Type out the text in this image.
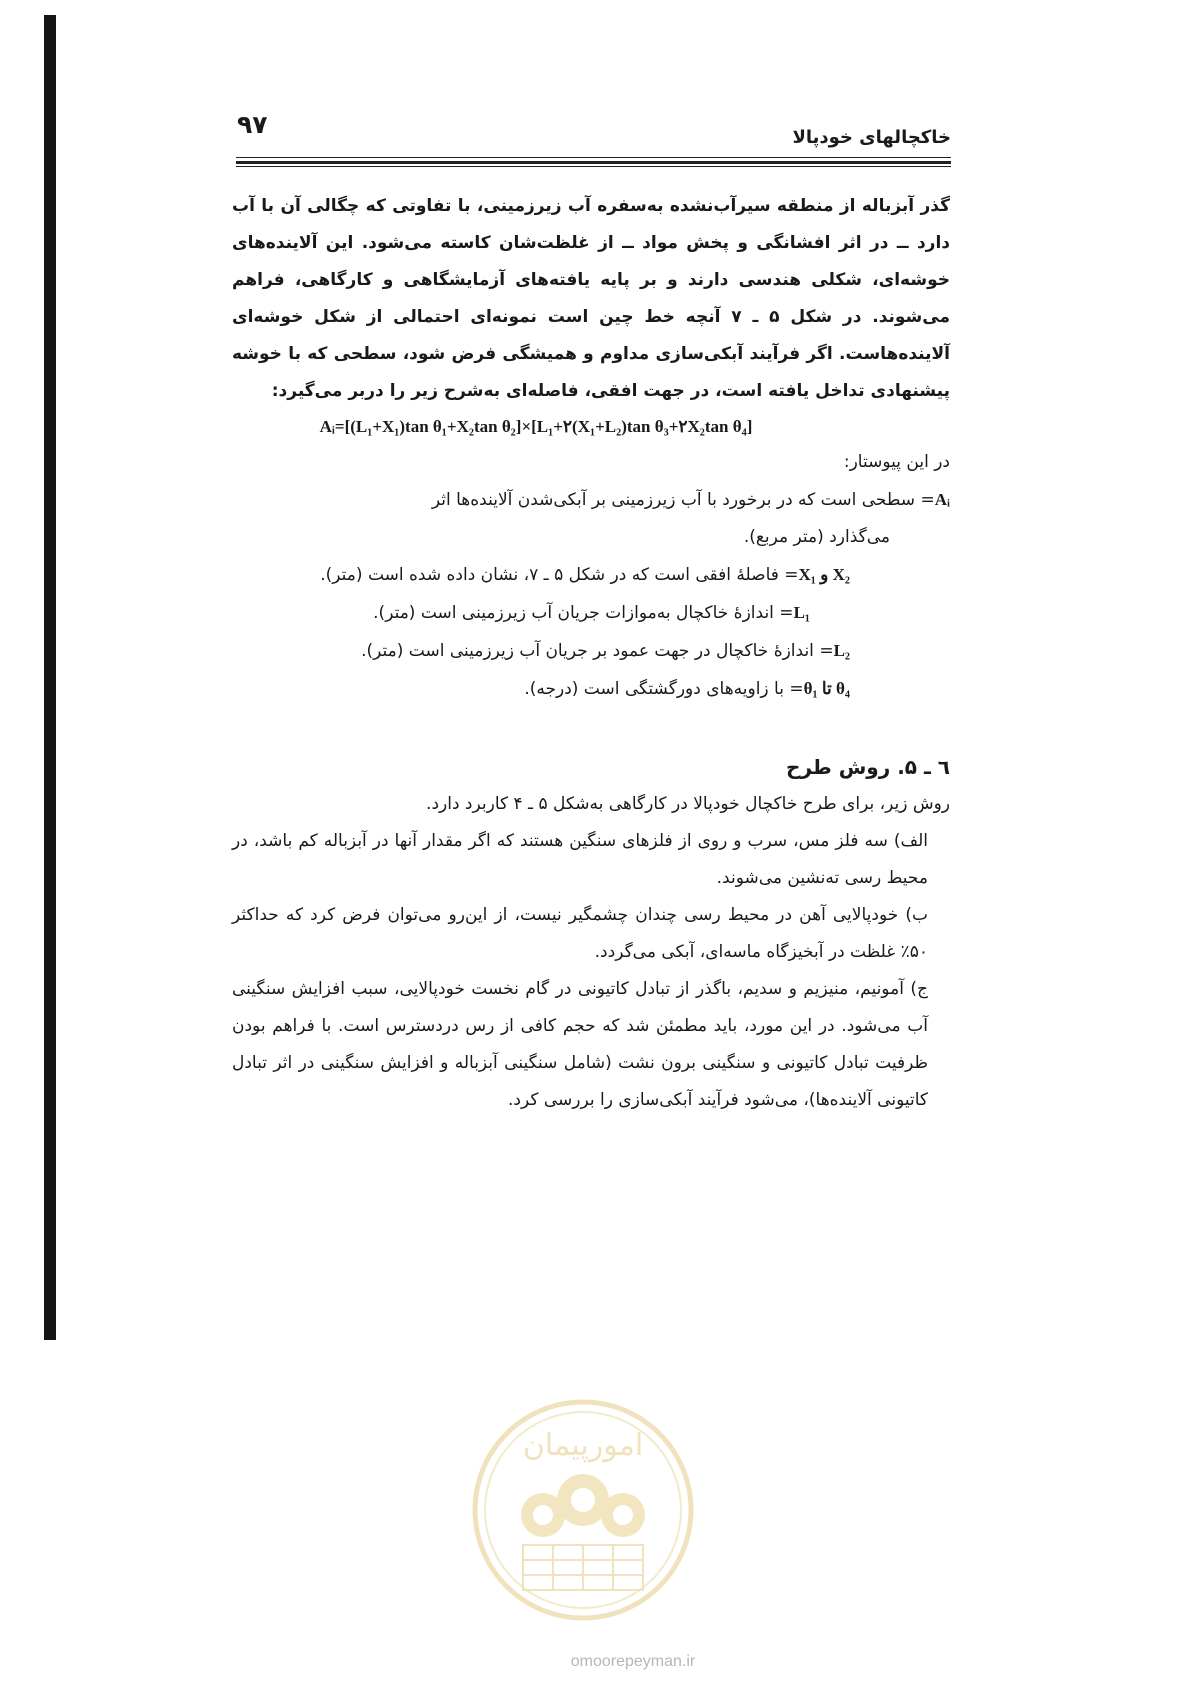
۹۷	خاکچالهای خودپالا

گذر آبزباله از منطقه سیرآب‌نشده به‌سفره آب زیرزمینی، با تفاوتی که چگالی آن با آب دارد ــ در اثر افشانگی و پخش مواد ــ از غلظت‌شان کاسته می‌شود. این آلاینده‌های خوشه‌ای، شکلی هندسی دارند و بر پایه یافته‌های آزمایشگاهی و کارگاهی، فراهم می‌شوند. در شکل ۵ ـ ۷ آنچه خط چین است نمونه‌ای احتمالی از شکل خوشه‌ای آلاینده‌هاست. اگر فرآیند آبکی‌سازی مداوم و همیشگی فرض شود، سطحی که با خوشه پیشنهادی تداخل یافته است، در جهت افقی، فاصله‌ای به‌شرح زیر را دربر می‌گیرد:

Aᵢ=[(L₁+X₁)tan θ₁+X₂tan θ₂]×[L₁+۲(X₁+L₂)tan θ₃+۲X₂tan θ₄]

در این پیوستار:

Aᵢ= سطحی است که در برخورد با آب زیرزمینی بر آبکی‌شدن آلاینده‌ها اثر

می‌گذارد (متر مربع).

X₁ و X₂= فاصلهٔ افقی است که در شکل ۵ ـ ۷، نشان داده شده است (متر).

L₁= اندازهٔ خاکچال به‌موازات جریان آب زیرزمینی است (متر).

L₂= اندازهٔ خاکچال در جهت عمود بر جریان آب زیرزمینی است (متر).

θ₁ تا θ₄= با زاویه‌های دورگشتگی است (درجه).

٦ ـ ۵. روش طرح

روش زیر، برای طرح خاکچال خودپالا در کارگاهی به‌شکل ۵ ـ ۴ کاربرد دارد.

الف) سه فلز مس، سرب و روی از فلزهای سنگین هستند که اگر مقدار آنها در آبزباله کم باشد، در محیط رسی ته‌نشین می‌شوند.

ب) خودپالایی آهن در محیط رسی چندان چشمگیر نیست، از این‌رو می‌توان فرض کرد که حداکثر ۵۰٪ غلظت در آبخیزگاه ماسه‌ای، آبکی می‌گردد.

ج) آمونیم، منیزیم و سدیم، باگذر از تبادل کاتیونی در گام نخست خودپالایی، سبب افزایش سنگینی آب می‌شود. در این مورد، باید مطمئن شد که حجم کافی از رس دردسترس است. با فراهم بودن ظرفیت تبادل کاتیونی و سنگینی برون نشت (شامل سنگینی آبزباله و افزایش سنگینی در اثر تبادل کاتیونی آلاینده‌ها)، می‌شود فرآیند آبکی‌سازی را بررسی کرد.

امورپیمان
omoorepeyman.ir
